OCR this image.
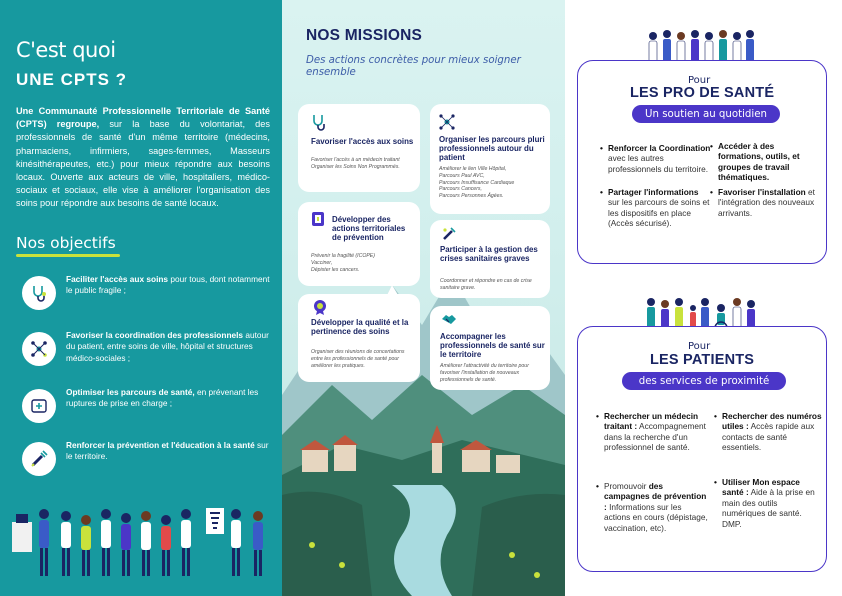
C'est quoi
UNE CPTS ?

Une Communauté Professionnelle Territoriale de Santé (CPTS) regroupe, sur la base du volontariat, des professionnels de santé d'un même territoire (médecins, pharmaciens, infirmiers, sages-femmes, Masseurs kinésithérapeutes, etc.) pour mieux répondre aux besoins locaux. Ouverte aux acteurs de ville, hospitaliers, médico-sociaux et sociaux, elle vise à améliorer l'organisation des soins pour répondre aux besoins de santé locaux.

Nos objectifs
Faciliter l'accès aux soins pour tous, dont notamment le public fragile ;
Favoriser la coordination des professionnels autour du patient, entre soins de ville, hôpital et structures médico-sociales ;
Optimiser les parcours de santé, en prévenant les ruptures de prise en charge ;
Renforcer la prévention et l'éducation à la santé sur le territoire.
NOS MISSIONS
Des actions concrètes pour mieux soigner ensemble
Favoriser l'accès aux soins
Favoriser l'accès à un médecin traitant
Organiser les Soins Non Programmés.
Organiser les parcours pluri professionnels autour du patient
Améliorer le lien Ville Hôpital,
Parcours Paul AVC,
Parcours Insuffisance Cardiaque
Parcours Cancers,
Parcours Personnes Âgées.
Développer des actions territoriales de prévention
Prévenir la fragilité (ICOPE)
Vacciner,
Dépister les cancers.
Participer à la gestion des crises sanitaires graves
Coordonner et répondre en cas de crise sanitaire grave.
Développer la qualité et la pertinence des soins
Organiser des réunions de concertations entre les professionnels de santé pour améliorer les pratiques.
Accompagner les professionnels de santé sur le territoire
Améliorer l'attractivité du territoire pour favoriser l'installation de nouveaux professionnels de santé.
Pour
LES PRO DE SANTÉ
Un soutien au quotidien
• Renforcer la Coordination avec les autres professionnels du territoire.
• Partager l'informations sur les parcours de soins et les dispositifs en place (Accès sécurisé).
• Accéder à des formations, outils, et groupes de travail thématiques.
• Favoriser l'installation et l'intégration des nouveaux arrivants.
Pour
LES PATIENTS
des services de proximité
• Rechercher un médecin traitant : Accompagnement dans la recherche d'un professionnel de santé.
• Promouvoir des campagnes de prévention : Informations sur les actions en cours (dépistage, vaccination, etc).
• Rechercher des numéros utiles : Accès rapide aux contacts de santé essentiels.
• Utiliser Mon espace santé : Aide à la prise en main des outils numériques de santé. DMP.
